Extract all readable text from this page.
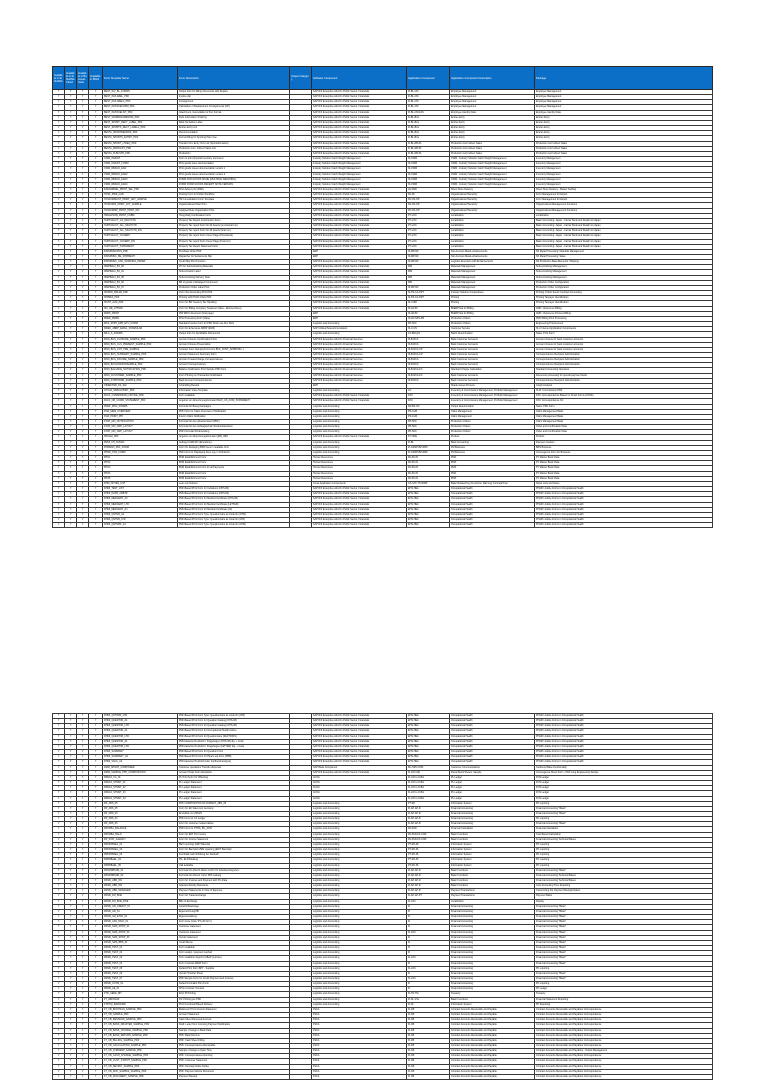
Available in S/4HANA	Available in S/4HANA Cloud	Available in Business Suite	Available in BW/4	Form Template Name	Form Description	Output Category	Software Component	Application Component	Application Component Description	Package
Y	Y	Y	Y	BEST_INV_BL_FORMS	Output form for billing documents with Replies		SAP R/3 Enterprise Add-On Public Sector, Financials	FI-BL-CM	Employee Management	Employee Management
Y	Y	Y	Y	BEST_INVLABEL_PDF	Invoice slip		SAP R/3 Enterprise Add-On Public Sector, Financials	FI-BL-CM	Employee Management	Employee Management
Y	Y	Y	Y	BEST_INVLABEL2_PDF	Consignment		SAP R/3 Enterprise Add-On Public Sector, Financials	FI-BL-CM	Employee Management	Employee Management
Y	Y	Y	Y	BEST_INVOICEFORM_PDF	Calculation of Replacement Consignments (CP)		SAP R/3 Enterprise Add-On Public Sector, Financials	FI-BL-CM	Employee Management	Employee Management
Y	Y	Y	Y	BEST_INVOICELIST_PDF	Attachment, Cancellation & Tour Format		SAP R/3 Enterprise Add-On Public Sector, Financials	FI-BL-CM-FAS	Employee Identity Data	Employee Identity Data
Y	Y	Y	Y	BEST_WORDFRAMEWOR_PDF	Debt Information Ordering		SAP R/3 Enterprise Add-On Public Sector, Financials	FI-BL-BAL	Entries Entry	Entries Entry
Y	Y	Y	Y	BEST_SPORT_RECT_LABEL_PDF	Mark Ssl Addon Label		SAP R/3 Enterprise Add-On Public Sector, Financials	FI-BL-BAL	Entries Entry	Entries Entry
Y	Y	Y	Y	BEST_SPORTS_RECT_LABEL2_PDF	Entries Entry List		SAP R/3 Enterprise Add-On Public Sector, Financials	FI-BL-BAL	Entries Entry	Entries Entry
Y	Y	Y	Y	BESTA_SPORTREMARK_PDF	Recommendation		SAP R/3 Enterprise Add-On Public Sector, Financials	FI-BL-BAL	Entries Entry	Entries Entry
Y	Y	Y	Y	BESTA_SPORTS_ENTRY_PDF	Formal Filing for Sporting Plan, Fee		SAP R/3 Enterprise Add-On Public Sector, Financials	FI-BL-BAL	Entries Entry	Entries Entry
Y	Y	Y	Y	BESTA_SPORT_LTREQ_PDF	Transfer form Entry form List (Sportsformation)		SAP R/3 Enterprise Add-On Public Sector, Financials	FI-BL-RB-PL	Production List Indirect Sales	Production List Indirect Sales
Y	Y	Y	Y	BESTA_PRODLIST_PDF	Production List / Indirect Sales List		SAP R/3 Enterprise Add-On Public Sector, Financials	FI-BL-RB-PL	Production List Indirect Sales	Production List Indirect Sales
Y	Y	Y	Y	BESTA_PLBUSTR_PDF	Production		SAP R/3 Enterprise Add-On Public Sector, Financials	FI-BL-RB-PL	Production List Indirect Sales	Production List Indirect Sales
Y	Y	Y	Y	CWM_INVENT	Form to print physical inventory document		Industry Solution Catch Weight Management	IS-CWM	CWM - Industry Solution Catch Weight Management	Inventory Management
Y	Y	Y	Y	CWM_INVENT_FORM	Print goods issue documentation		Industry Solution Catch Weight Management	IS-CWM	CWM - Industry Solution Catch Weight Management	Inventory Management
Y	Y	Y	Y	CWM_WMGOI_EAN	Print goods issues documentation version 1		Industry Solution Catch Weight Management	IS-CWM	CWM - Industry Solution Catch Weight Management	Inventory Management
Y	Y	Y	Y	CWM_WMGOI_EAN2	Print goods issues documentation version 2		Industry Solution Catch Weight Management	IS-CWM	CWM - Industry Solution Catch Weight Management	Inventory Management
Y	Y	Y	Y	CWM_WMGOI_EAN3	FORM FOR GOODS ISSUE (MULTIPLE WEIGHING)		Industry Solution Catch Weight Management	IS-CWM	CWM - Industry Solution Catch Weight Management	Inventory Management
Y	Y	Y	Y	CWM_WMGOI_EAN4	FORM FORM GOODS RECEIPT NOTE VERSION		Industry Solution Catch Weight Management	IS-CWM	CWM - Industry Solution Catch Weight Management	Inventory Management
Y	Y	Y	Y	DSDADBDEL_PRINT_SEL_PDF	Print delivery list (DSD)		SAP R/3 Enterprise Add-On Public Sector, Financials	LE-DSD	Direct Store Delivery	Direct Store Delivery - Master Settling
Y	Y	Y	Y	HCSF_PWE_CAD	Posting Form for Public Workflow		SAP R/3 Enterprise Add-On Public Sector, Financials	PA-SF	Organizational Hierarchy	Form Management for Export
Y	Y	Y	Y	HCSFORMLIST_PRINT_ADT_SAMPLE	HR Consolidation Form Template		SAP R/3 Enterprise Add-On Public Sector, Financials	PA-OS-OP	Organizational Hierarchy	Form Management for Export
Y	Y	Y	Y	HCSFORM_PRINT_AVT_SAMPLE	Organizational Chart Print		SAP R/3 Enterprise Add-On Public Sector, Financials	PA-OS-OP	Organizational Hierarchy	Organizational Management Functions
Y	Y	Y	Y	HCSFORMP_PRINT_PRNT_OFI	Assigned Role Organization Print		SAP R/3 Enterprise Add-On Public Sector, Financials	PA-OS-OP	Organizational Hierarchy	Organizational Management Functions
Y	Y	Y	Y	HRGGPFOB_PRINT_FOBM	Hung Daily Combination Form		SAP R/3 Enterprise Add-On Public Sector, Financials	PY-LOC	Localization	Localization
Y	Y	Y	Y	HUPTAACCT_CA_MULTCTN	Property Tax Report Construction Form		SAP R/3 Enterprise Add-On Public Sector, Financials	PY-LOC	Localization	Basic Accounting: Japan - Carrier Book and Detail List Japan
Y	Y	Y	Y	HUPTAACCT_ALL_MULTCTN	Property Tax report Form for All Assets (provisional run)		SAP R/3 Enterprise Add-On Public Sector, Financials	PY-LOC	Localization	Basic Accounting: Japan - Carrier Book and Detail List Japan
Y	Y	Y	Y	HUPTAACCT_ALL_MULTCTN_FIN	Property Tax report Form for All Assets (final run)		SAP R/3 Enterprise Add-On Public Sector, Financials	PY-LOC	Localization	Basic Accounting: Japan - Carrier Book and Detail List Japan
Y	Y	Y	Y	HUPTAACCT_COVERP	Property Tax report Form Cover Page (Provisional)		SAP R/3 Enterprise Add-On Public Sector, Financials	PY-LOC	Localization	Basic Accounting: Japan - Carrier Book and Detail List Japan
Y	Y	Y	Y	HUPTAACCT_COVERP_FIN	Property Tax report Form Cover Page (Final run)		SAP R/3 Enterprise Add-On Public Sector, Financials	PY-LOC	Localization	Basic Accounting: Japan - Carrier Book and Detail List Japan
Y	Y	Y	Y	HUPTAACCT_STATEMENT	Property Tax Report Statement Form		SAP R/3 Enterprise Add-On Public Sector, Financials	PY-LOC	Localization	Basic Accounting: Japan - Carrier Book and Detail List Japan
Y	Y	Y	Y	INNNPMSCPOS_PDF	Purchase Order PDF		ERP	IS-MP-NF	Non-Ferrous Metal enhancements	NF Metal Processing: Materials Management
Y	Y	Y	Y	INNNPMSC_BE_SHIPMENT	Dispatcher for Settlements Slip		ERP	IS-MP-NF	Non-Ferrous Metal enhancements	NF Metal Processing: Sales
Y	Y	Y	Y	INNNPMSC_CAN_WORKING_PAPER	Credit Slip Print Function		SAP R/3 Enterprise Add-On Public Sector, Financials	IS-MP-NF	Logistics Execution with Enhancements	NF Production Base Elements: Shipping
Y	Y	Y	Y	ISMPBAL2_BJ_06	PO for Subcontracting Materials		SAP R/3 Enterprise Add-On Public Sector, Financials	MM	Materials Management	Subcontracting Management
Y	Y	Y	Y	ISMPBAL2_BJ_04	Subcontractor Label		SAP R/3 Enterprise Add-On Public Sector, Financials	MM	Materials Management	Subcontracting Management
Y	Y	Y	Y	ISMPBAL2_BJ_05	Subcontracting Delivery Note		SAP R/3 Enterprise Add-On Public Sector, Financials	MM	Materials Management	Subcontracting Management
Y	Y	Y	Y	ISMPBAL2_BJ_06	Bill of goods in Enlarged Component		SAP R/3 Enterprise Add-On Public Sector, Financials	MM	Materials Management	Production Order Configuration
Y	Y	Y	Y	ISMPBAL2_BJ_07	Production Order Label Print		SAP R/3 Enterprise Add-On Public Sector, Financials	IS-MP-NF	Materials Management	Production Order Configuration
Y	Y	Y	Y	ISPRFR_BPLAB_PDF	Form Tax Accounting Print PDF		SAP R/3 Enterprise Add-On Public Sector, Financials	IS-PS-CA-PRT	Industry Solution Cooperatives	Printing, Public Sector Contract Accounting
Y	Y	Y	Y	ISHBIFA_PDF	Printing with PSCD Chart PDF		SAP R/3 Enterprise Add-On Public Sector, Financials	IS-PS-CA-PRT	Printing	Printing Taxpayer Identification
Y	Y	Y	Y	ISSHT_ALM_PDF	Form for BR Treasury Tax Handling		SAP R/3 Enterprise Add-On Public Sector, Financials	IS-U-BR	Printing	Printing Taxpayer Identification
Y	Y	Y	Y	ISU_RE_ATTN00	Form for Billing Company Treasurer (Atlas - allotment/fees)		SAP R/3 Enterprise Add-On Public Sector, Financials	IS-AD-BI	BI/ERP Eta for Billing	AMD - Reference Billing
Y	Y	Y	Y	M0RS_PRINT	PMI RRCI document (Oral page)		ERP	IS-AD-BI	BI/ERP Eta for Billing	AMD - Reference Process Billing
Y	Y	Y	Y	M0ED_PRI8S	Print Processing Form (Rate)		ERP	IS-AD-SPS-PR	Production Orders	PMO Billing Print Processing
Y	Y	Y	Y	MCK_SPRT_EPR_ETC_FORM	Standard Invoice Form for PDF Stock use ALV Stick		Logistics and Accounting	PP-SFC	Production Orders	Engineering Procurement
Y	Y	Y	Y	MDEC_ABRP_EMAIL_FORMULAR	Form for E-Services ABRP (2020)		SAP Utilities/Telecommunication	IS-U-CS	Customer Service	IS-U Internet Application Components
Y	Y	Y	Y	MILA_S_FORMS	Output form for Identifiable Documents		Logistics and Accounting	LO-BM-QO	Batch Determination	Sales: Print Form
Y	Y	Y	Y	MNN_BCS_CLOSURE_SAMPLE_PDF	Account Closure Confirmation Form		SAP R/3 Enterprise Add-On Financial Services	IS-B-RCA	Bank Customer Accounts	Account closure for bank customer accounts
Y	Y	Y	Y	MNN_BCS_CLS_PRESENT_SAMPLE_PDF	Account Closure Presentation		SAP R/3 Enterprise Add-On Financial Services	IS-B-RCA	Bank Customer Accounts	Account closure for bank customer accounts
Y	Y	Y	Y	MNN_BCS_CNT_PRE_SAMPLE	Contract Form Sample(Cont Form BKK_CNST_APPRPNN...)		SAP R/3 Enterprise Add-On Financial Services	IS-B-RCA-CP	Bank Customer Accounts	Account closure for bank customer accounts
Y	Y	Y	Y	MNN_BCS_SUMMARY_SAMPLE_PDF	Account Statement Summary Form		SAP R/3 Enterprise Add-On Financial Services	IS-B-RCA-CP	Bank Customer Accounts	Correspondence Recipient Administration
Y	Y	Y	Y	MNN_BCS_INCOME_SAMPLE_PDF	Account Create/Change Correspondence		SAP R/3 Enterprise Add-On Financial Services	IS-B-RCA	Bank Customer Accounts	Correspondence Recipient Administration
Y	Y	Y	Y	MNN_BCSCCMISSNSAMPLE_PDF	Account Correspondence		SAP R/3 Enterprise Add-On Financial Services	IS-B-RCA	Bank Customer Accounts	Correspondence Recipient Administration
Y	Y	Y	Y	MNN_BALANCE_NOTIFICATION_PDF	Balance Notification Print Sample PDF Form		SAP R/3 Enterprise Add-On Financial Services	IS-B-RCA-FC	Standard Charge Calculation	Standard Accounting Operation
Y	Y	Y	Y	MNN_CUSTOMER_SAMPLE_PDF	Form Printing on Transaction Notification		SAP R/3 Enterprise Add-On Financial Services	IS-B-RCA-FC	Bank Customer Accounts	Document processing for special payment fields
Y	Y	Y	Y	MNN_STMTORDR_SAMPLE_PDF	Bank Account Correspondence		SAP R/3 Enterprise Add-On Financial Services	IS-B-RCA	Bank Customer Accounts	Correspondence Recipient Administration
Y	Y	Y	Y	OBJEKTNR_KS_SLF	Controlling Receipt		ERP		Shade Issues Process	Graph Analysis
Y	Y	Y	Y	OTCLR_SFBILLPRINT_PDF	Information Voice Template		Logistics and Accounting	LO	Inventory & Commissions Management, Portfolio Management	IS-M: Commissions PDF
Y	Y	Y	Y	PACK_COMMISSION_NOTICE_PDF	Form available		SAP R/3 Enterprise Add-On Public Sector, Financials	ICM	Inventory & Commissions Management, Portfolio Management	ICM: Correspondence Based on Smart Forms & PDFs
Y	Y	Y	Y	PACK_OB_COMM_STATEMENT_PDF	Angebot von Abrechnungsformular PACK_CS_COM_STATEMENT		SAP R/3 Enterprise Add-On Public Sector, Financials	ICM	Inventory & Commissions Management, Portfolio Management	ICM: Correspondence 3/1
Y	Y	Y	Y	PDEP_MOC_FORMS	Formular für Beleg-Kampagne		Logistics and Accounting	SD-BF-OC	Output Determination	Sales: PDF Form
Y	Y	Y	Y	PGR_MEM_OVERVIEW	PDF Form for Claim Overview of Notification		Logistics and Accounting	PS-CLM	Claim Management	Claim Management Basis
Y	Y	Y	Y	PGR_PRINT_PPI	Interim Claim Notification		Logistics and Accounting	PS-CLM	Claim Management	Claim Management Basis
Y	Y	Y	Y	PJOP_MO_NOTIFICATION	Formular für den Arbeitsentwurf (PDF)		Logistics and Accounting	PP-SFC	Production Orders	Claim Management Basis
Y	Y	Y	Y	PJOP_MO_ORP_LAYOUT	Formular für den Auftragsschein Rückmeldeschein		Logistics and Accounting	PP-SFC	Production Orders	Order and Confirmation Data
Y	Y	Y	Y	PJOP_MO_ORP_LAYOUT	PDF Formular Rückmeldung		Logistics and Accounting	PP-SFC	Production Orders	Order and Confirmation Data
Y	Y	Y	Y	PRCAM_PDF	Angebot von Abrechnungsformular QRB_ABO		SAP R/3 Enterprise Add-On Public Sector, Financials	PY-ODE	Product	Product
Y	Y	Y	Y	PRMI_CH_KUMA3	Auftrag KUMA/DO (Einnahme)		Logistics and Accounting	FI-BL	Bank Accounting	Payment medium
Y	Y	Y	Y	PFMMAN_PDF_FORM	Form for displaying BSR Fees in readable form		Logistics and Accounting	FI-GFMP-BP-RRS	FM Business	BRS Business
Y	Y	Y	Y	PPMO_PDF_FORM	PDF Form for Displaying Fees reg. in Ordnbuch		Logistics and Accounting	FI-GFMP-BP-RRS	FM Business	Convergence Form for Business
Y	Y	Y	Y	PPO1	BOR Establishment Form		Human Resources	PA-PA-IN	PMA	PY Master Basic Data
Y	Y	Y	Y	PPO2	BOR Establishment Form		Human Resources	PA-PA-IN	PMA	PY Master Basic Data
Y	Y	Y	Y	PPO3	BOR Establishment Form for all Payments		Human Resources	PA-PA-IN	PMA	PY Master Basic Data
Y	Y	Y	Y	PPO4	BOR Establishment Form		Human Resources	PA-PA-IN	PMA	PY Master Basic Data
Y	Y	Y	Y	PPO5	BOR Establishment Form		Human Resources	PA-PA-IN	PMA	PY Master Basic Data
Y	Y	Y	Y	RHM_NOTES_LIST	Lean von Notizen		Cross Application Components	CA-GTF-TS-WMP	Basic Related Key Functions, Mail Log, Formula Prep	Notes Lists and Notes
Y	Y	Y	Y	RHMI_TEST_LIST	PDF-Based Print Form for Invitations (OHS-IM)		SAP R/3 Enterprise Add-On Public Sector, Financials	EHS-HEA	Occupational Health	PHAID: Adobe Forms in Occupational Health
Y	Y	Y	Y	RHMI_DAPR_ARBTR	PDF-Based Print Form for Invitations (OHS-IM)		SAP R/3 Enterprise Add-On Public Sector, Financials	EHS-HEA	Occupational Health	PHAID: Adobe Forms in Occupational Health
Y	Y	Y	Y	RHMI_MEDCERT_A4	PDF-Based Print Form for Medical Certificate (OHS-IM)		SAP R/3 Enterprise Add-On Public Sector, Financials	EHS-HEA	Occupational Health	PHAID: Adobe Forms in Occupational Health
Y	Y	Y	Y	RHMI_MEDCERT_LTR	PDF-Based Print Form for Medical Certificate (LETTER)		SAP R/3 Enterprise Add-On Public Sector, Financials	EHS-HEA	Occupational Health	PHAID: Adobe Forms in Occupational Health
Y	Y	Y	Y	RHMI_MEDCERT_A4	PDF-Based Print Form for Medical Certificate (A4)		SAP R/3 Enterprise Add-On Public Sector, Financials	EHS-HEA	Occupational Health	PHAID: Adobe Forms in Occupational Health
Y	Y	Y	Y	RHMI_QSTNR_A4	PDF-Based Print Form Type: Questionnaire as Code No (OHS)		SAP R/3 Enterprise Add-On Public Sector, Financials	EHS-HEA	Occupational Health	PHAID: Adobe Forms in Occupational Health
Y	Y	Y	Y	RHMI_QSTNR_LTR	PDF-Based Print Form Type: Questionnaire as Code No (LTR)		SAP R/3 Enterprise Add-On Public Sector, Financials	EHS-HEA	Occupational Health	PHAID: Adobe Forms in Occupational Health
Y	Y	Y	Y	RHMI_QSTNPR_A4	PDF-Based Print Form Type: Questionnaire as Code No (OHS)		SAP R/3 Enterprise Add-On Public Sector, Financials	EHS-HEA	Occupational Health	PHAID: Adobe Forms in Occupational Health
Y	Y	Y	Y	RHMI_QSTNPR_LTR	PDF-Based Print Form Type: Questionnaire as Code No (LTR)		SAP R/3 Enterprise Add-On Public Sector, Financials	EHS-HEA	Occupational Health	PHAID: Adobe Forms in Occupational Health
Y	Y	Y	Y	RHMI_QUESTNR_A4	PDF-Based Print Form for Question Catalog (OHS-IM)		SAP R/3 Enterprise Add-On Public Sector, Financials	EHS-HEA	Occupational Health	PHAID: Adobe Forms in Occupational Health
Y	Y	Y	Y	RHMI_QUESTNR_LTR	PDF-Based Print Form for Question Catalog (OHS-IM)		SAP R/3 Enterprise Add-On Public Sector, Financials	EHS-HEA	Occupational Health	PHAID: Adobe Forms in Occupational Health
Y	Y	Y	Y	RHMI_QUESTNR_A4	PDF-Based Print Form for Occupational Health Advice		SAP R/3 Enterprise Add-On Public Sector, Financials	EHS-HEA	Occupational Health	PHAID: Adobe Forms in Occupational Health
Y	Y	Y	Y	RHMI_QUESTNR_LTR	PDF-Based Print Form for Questionnaire (SECTIONS)		SAP R/3 Enterprise Add-On Public Sector, Financials	EHS-HEA	Occupational Health	PHAID: Adobe Forms in Occupational Health
Y	Y	Y	Y	RHMI_QUESTNR_A4	PDF-basierter Druckform: Fragebogen (OHS-IM) dig. + Code		SAP R/3 Enterprise Add-On Public Sector, Financials	EHS-HEA	Occupational Health	PHAID: Adobe Forms in Occupational Health
Y	Y	Y	Y	RHMI_QUESTNR_LTR	PDF-basierter Druckform: Fragebogen (LETTER) dig. + Code		SAP R/3 Enterprise Add-On Public Sector, Financials	EHS-HEA	Occupational Health	PHAID: Adobe Forms in Occupational Health
Y	Y	Y	Y	RHMI_SUMMARY	PDF-Based Print Form for Question Form		SAP R/3 Enterprise Add-On Public Sector, Financials	EHS-HEA	Occupational Health	PHAID: Adobe Forms in Occupational Health
Y	Y	Y	Y	RHMI_SUMMARY_A4	PDF-Based Print Form for Hipers eig Form (PBB)		SAP R/3 Enterprise Add-On Public Sector, Financials	EHS-HEA	Occupational Health	PHAID: Adobe Forms in Occupational Health
Y	Y	Y	Y	RHMI_VACC_A4	PDF-basierter Druckformular: Impfbescheinigung		SAP R/3 Enterprise Add-On Public Sector, Financials	EHS-HEA	Occupational Health	PHAID: Adobe Forms in Occupational Health
Y	Y	Y	Y	RMM_SPORT_COMPOSER	Customer operations Transfer dispersal		SAP Basis Component	BC-SRV-COM	Customer Communications	Outbound Base Functionality
Y	Y	Y	Y	RMW_SAMPLE_PPP_COMPOSITION	Account Order Form Extraction		SAP R/3 Enterprise Add-On Public Sector, Financials	FI-LOC-DE	Fiscal Stock Sheets, Sample	Convergence Sheet Form - PDF Long Engineering Sample
Y	Y	Y	Y	RPEC2_CA_01	PL Print Form for Offsetting		ACOA	FI-LOC-LO-BG	PL Ledger	FOS Ledger
Y	Y	Y	Y	RPEC2_STMNT_01	PL Ledger Statement		ACOA	FI-LOC-LO-BG	PL Ledger	FOS Ledger
Y	Y	Y	Y	RPEC2_STMNT_02	PL Ledger Statement		ACOA	FI-LOC-LO-BG	PL Ledger	FOS Ledger
Y	Y	Y	Y	RPEC2_STMNT_03	PL Ledger Statement		ACOA	FI-LOC-LO-BG	PL Ledger	FOS Ledger
Y	Y	Y	Y	RPEC2_STMNT_04	PL Ledger Statement		ACOA	FI-LOC-LO-BG	PL Ledger	FOS Ledger
Y	Y	Y	Y	RP_ABS_05	PDF COMPOSITION OF FORMAT_ABS_05		Logistics and Accounting	PT-RC	Information System	PF reporting
Y	Y	Y	Y	RP_ABS_05	Form for EC Sales List Germany		Logistics and Accounting	FI-AP-AP-R	Financial Accounting	Financial Accounting "Basis"
Y	Y	Y	Y	RP_ABS_03	Einzelliste zur ZM EN		Logistics and Accounting	FI-AP-AP-R	Financial Accounting	Financial Accounting "Basis"
Y	Y	Y	Y	RP_ABS_03	PDF Form for C1 Ledger		Logistics and Accounting	FI-AP-AP-R	Financial Accounting	PF reporting
Y	Y	Y	Y	RP_ABS_05	Form for customer related tables		Logistics and Accounting	FI-AP-AP-R	Financial Accounting	Financial Accounting "Basis"
Y	Y	Y	Y	RPCPBA_BALANCE	PDF Form for PTRS_BC_AVW		Logistics and Accounting	PA-PAD	Financial Calculation	Financial Calculation
Y	Y	Y	Y	RPCRBA_BALN	Form for EDT Pro Invoice		Logistics and Accounting	PA-PAD-FF-COR	Basic Functions	Cost Based Calculation
Y	Y	Y	Y	RP_STAT_AGENCY	Form for Income Statement		Logistics and Accounting	PA-PAD-FF-COR	Basic Functions	Financial Accounting Technical Bases
Y	Y	Y	Y	RPFRXBAEL_01	BEX reporting: EDIT Bacrstat		Logistics and Accounting	PT-RC-PL	Information System	PF reporting
Y	Y	Y	Y	RPFRXBAEL_02	Form for Bacrsform/MM reporting (EDIT Bacrstat)		Logistics and Accounting	PT-RC-PL	Information System	PF reporting
Y	Y	Y	Y	RPFRXBAEL_03	Formblatt nach Erfüllung der Zeitbuch		Logistics and Accounting	PT-RC-PL	Information System	PF reporting
Y	Y	Y	Y	RPRRBAEL_04	PIL, ELR Booking		Logistics and Accounting	PT-RC-PL	Information System	PF reporting
Y	Y	Y	Y	RPRRBAEL_05	Call available		Logistics and Accounting	PT-RC-PL	Information System	PF reporting
Y	Y	Y	Y	RPGPDBSOR_01	Formular for Abrech.Aktion ist Für Ihr Arbeitsvertrag Zert...		Logistics and Accounting	FI-AP-AP-R	Basic Functions	Financial Accounting "Basis"
Y	Y	Y	Y	RPGPDBSOR_02	Formular for Abrech. Form PDF Ladung		Logistics and Accounting	FI-AP-AP-R	Basic Functions	Financial Accounting Technical Bases
Y	Y	Y	Y	RPGB_ABB_INV	Form for Invoices and Payment with Pro Data		Logistics and Accounting	FI-AP-AP-R	Basic Functions	Financial Accounting Technical Bases
Y	Y	Y	Y	RPGB_ABB_INV	Adjusted Activity Relevance		Logistics and Accounting	FI-AP-AP-R	Basic Functions	Cost Accounting Time Reporting
Y	Y	Y	Y	RPGB_ABR_MANAGER	Payment Statements in View of Expense		Logistics and Accounting	FI-AP-AP-R	Payment Transactions	Customizing For Payment Reorganization
Y	Y	Y	Y	RPGB_FM_BOE	Form for Trade Exchange		Logistics and Accounting	FI-AP-AP-PT	Payment Transactions	Payment Basis
Y	Y	Y	Y	RPGB_FM_BOE_BOE	Bills of Exchange		Logistics and Accounting	FI-LOC	Localization	Display
Y	Y	Y	Y	RPGB_GR_CREDIT_01	Gutschriftsanzeige		Logistics and Accounting	FI	Financial Accounting	Financial Accounting "Basis"
Y	Y	Y	Y	RPGB_GR_01	Eigenrechnung/HK		Logistics and Accounting	FI	Financial Accounting	Financial Accounting "Basis"
Y	Y	Y	Y	RPGB_GR_ETKF_01	Eigenverwaltung		Logistics and Accounting	FI	Financial Accounting	Financial Accounting "Basis"
Y	Y	Y	Y	RPGB_ASS_DIGC_01	Form Liste (Liste 'PT pdf form')		Logistics and Accounting	FI	Financial Accounting	Financial Accounting "Basis"
Y	Y	Y	Y	RPGB_SMS_SHOP_01	Customer statement		Logistics and Accounting	FI	Financial Accounting	Financial Accounting "Basis"
Y	Y	Y	Y	RPGB_SMS_SHOP_02	Customer statement		Logistics and Accounting	FI-LOC	Financial Accounting	Financial Accounting "Basis"
Y	Y	Y	Y	RPGB_SMS_SHOP_03	Vendor statement		Logistics and Accounting	FI	Financial Accounting	Financial Accounting "Basis"
Y	Y	Y	Y	RPGB_SMS_BBS_01	Credit Memo		Logistics and Accounting	FI	Financial Accounting	Financial Accounting "Basis"
Y	Y	Y	Y	RPGB_TEST_01	Form available		Logistics and Accounting	FI	Financial Accounting	Financial Accounting "Basis"
Y	Y	Y	Y	RPGB_TEST_02	Form assign / payment method		Logistics and Accounting	FI	Financial Accounting	Financial Accounting "Basis"
Y	Y	Y	Y	RPGB_TEST_03	Form available Support (ABAP purpose)		Logistics and Accounting	FI-LOC	Financial Accounting	Financial Accounting "Basis"
Y	Y	Y	Y	RPGB_TEST_04	Form Contract ABAP Form		Logistics and Accounting	FI	Financial Accounting	Financial Accounting "Basis"
Y	Y	Y	Y	RPGB_TEST_05	Default Print Form BFT - Supplier		Logistics and Accounting	FI-LOC	Financial Accounting	PF reporting
Y	Y	Y	Y	RPGB_TEST_06	Vendor Transfer Sheet		Logistics and Accounting	FI	Financial Accounting	Financial Accounting "Basis"
Y	Y	Y	Y	RPGB_TEST_07	PDF Sample Form for Credit Payment and Invoices		Logistics and Accounting	FI-LOC	Financial Accounting	Financial Accounting "Basis"
Y	Y	Y	Y	RPGB_OUTM_01	Default Formalist Print Form		Logistics and Accounting	FI	Financial Accounting	PF reporting
Y	Y	Y	Y	RPGB_AE_IN	FPIG Contract: Pension		Logistics and Accounting	FI	Financial Accounting	PF Ledger
Y	Y	Y	Y	FTR_GENE_BH	ECC PI Printing		Logistics and Accounting	FI-TR-TM	Treasury	Treasury
Y	Y	Y	Y	FT_WRITECR	FS: Printing per PDF		Logistics and Accounting	FI-SL-VSL	Basic Functions	Financial Statement Reporting
Y	Y	Y	Y	FTRTQI_BARCODE	Print Functional Based Delivery		Logistics and Accounting	FI-SL	Information System	PF Reporting
Y	Y	Y	Y	FT_CB_BOCTRAN_SAMPLE_PDF	Balanced FTCA Account Statement		FSCA	FI-CB	Contract Accounts Receivable and Payable	Contract Accounts Receivable and Payables Correspondence
Y	Y	Y	Y	FT_CB_SAMPLE_PDF	Account Statement		FSCA	FI-CB	Contract Accounts Receivable and Payable	Contract Accounts Receivable and Payables Correspondence
Y	Y	Y	Y	FT_CB_RESSURN_SAMPLE_PDF	Cash Sheet Received Account		FSCA	FI-CB	Contract Accounts Receivable and Payable	Contract Accounts Receivable and Payables Correspondence
Y	Y	Y	Y	FT_CB_BANK_DRAFTER_SAMPLE_PDF	Draft: Letter from Incoming Payment Notification		FSCA	FI-CB	Contract Accounts Receivable and Payable	Contract Accounts Receivable and Payables Correspondence
Y	Y	Y	Y	FT_CB_BANK_CHANGE_SAMPLE_PDF	Sample: Change in Bank Data		FSCA	FI-CB	Contract Accounts Receivable and Payable	Contract Accounts Receivable and Payables Correspondence
Y	Y	Y	Y	FT_CB_BANK_RETURN_SAMPLE_PDF	PDF: Bank Returns		FSCA	FI-CB	Contract Accounts Receivable and Payable	Contract Accounts Receivable and Payables Correspondence
Y	Y	Y	Y	FT_CB_BILLING_SAMPLE_PDF	PDF: Cash Sheet Filling		FSCA	FI-CB	Contract Accounts Receivable and Payable	Contract Accounts Receivable and Payables Correspondence
Y	Y	Y	Y	FT_CB_CALCULATION_SAMPLE_PDF	PDF: Correspondence Receivable		FSCA	FI-CB	Contract Accounts Receivable and Payable	Contract Accounts Receivable and Payables Correspondence
Y	Y	Y	Y	FT_CB_CORRESP_SAMPLE_PDF	Sample: Change to Open Time		FSCA	FI-CB	Contract Accounts Receivable and Payable	Contract Accounts Receivable and Payables - Output Management
Y	Y	Y	Y	FT_CB_CASH_CHANGE_SAMPLE_PDF	PDF: Correspondence Dunning		FSCA	FI-CB	Contract Accounts Receivable and Payable	Contract Accounts Receivable and Payables Correspondence
Y	Y	Y	Y	FT_CB_CUST_STATMT_SAMPLE_PDF	PDF: Customer Statement		FSCA	FI-CB	Contract Accounts Receivable and Payable	Contract Accounts Receivable and Payables Correspondence
Y	Y	Y	Y	FT_CB_DEVPAY_SAMPLE_PDF	PDF: Dunning Notice Notice		FSCA	FI-CB	Contract Accounts Receivable and Payable	Contract Accounts Receivable and Payables Correspondence
Y	Y	Y	Y	FT_CB_DOC_SAMPLE_SAMPLE_PDF	PDF: Payment Advice Document		FSCA	FI-CB	Contract Accounts Receivable and Payable	Contract Accounts Receivable and Payables Correspondence
Y	Y	Y	Y	FT_CB_DOCUMENT_SAMPLE_PDF	Payment Receipt		FSCA	FI-CB	Contract Accounts Receivable and Payable	Contract Accounts Receivable and Payables Correspondence
